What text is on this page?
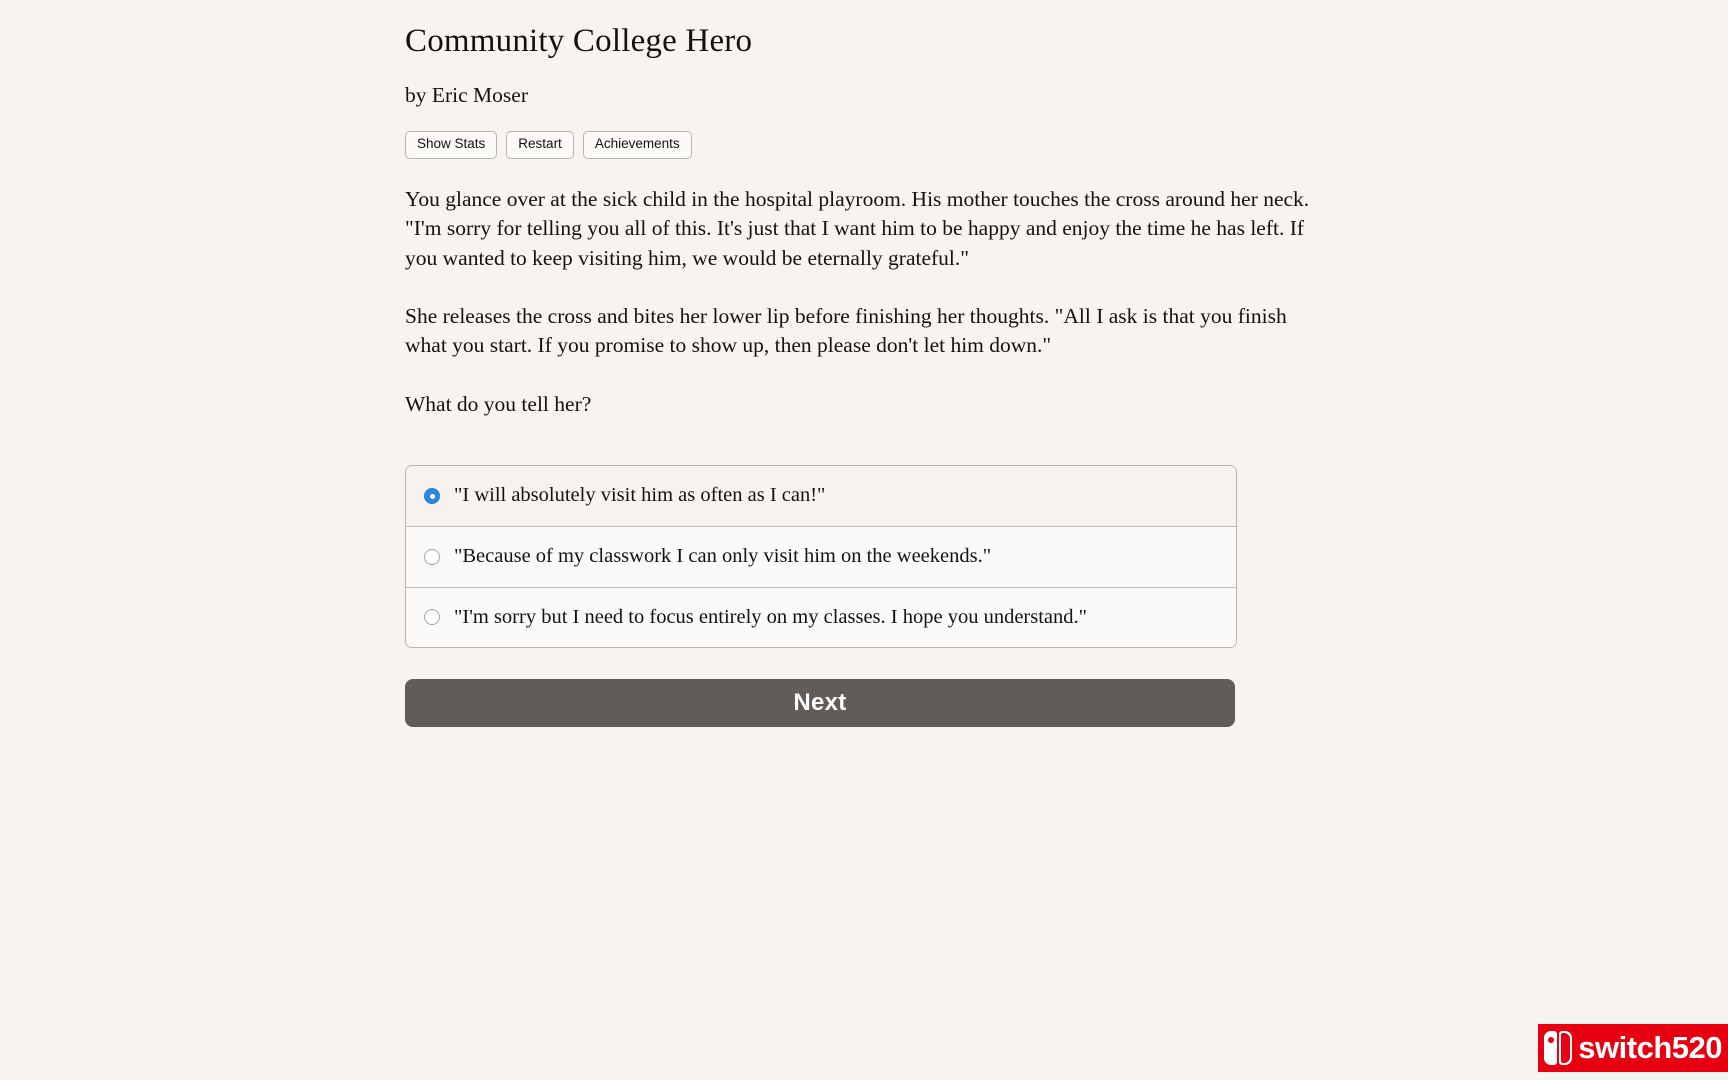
Community College Hero
by Eric Moser
Show Stats	Restart	Achievements

You glance over at the sick child in the hospital playroom. His mother touches the cross around her neck. "I'm sorry for telling you all of this. It's just that I want him to be happy and enjoy the time he has left. If you wanted to keep visiting him, we would be eternally grateful."

She releases the cross and bites her lower lip before finishing her thoughts. "All I ask is that you finish what you start. If you promise to show up, then please don't let him down."

What do you tell her?

"I will absolutely visit him as often as I can!"
"Because of my classwork I can only visit him on the weekends."
"I'm sorry but I need to focus entirely on my classes. I hope you understand."
Next
switch520
